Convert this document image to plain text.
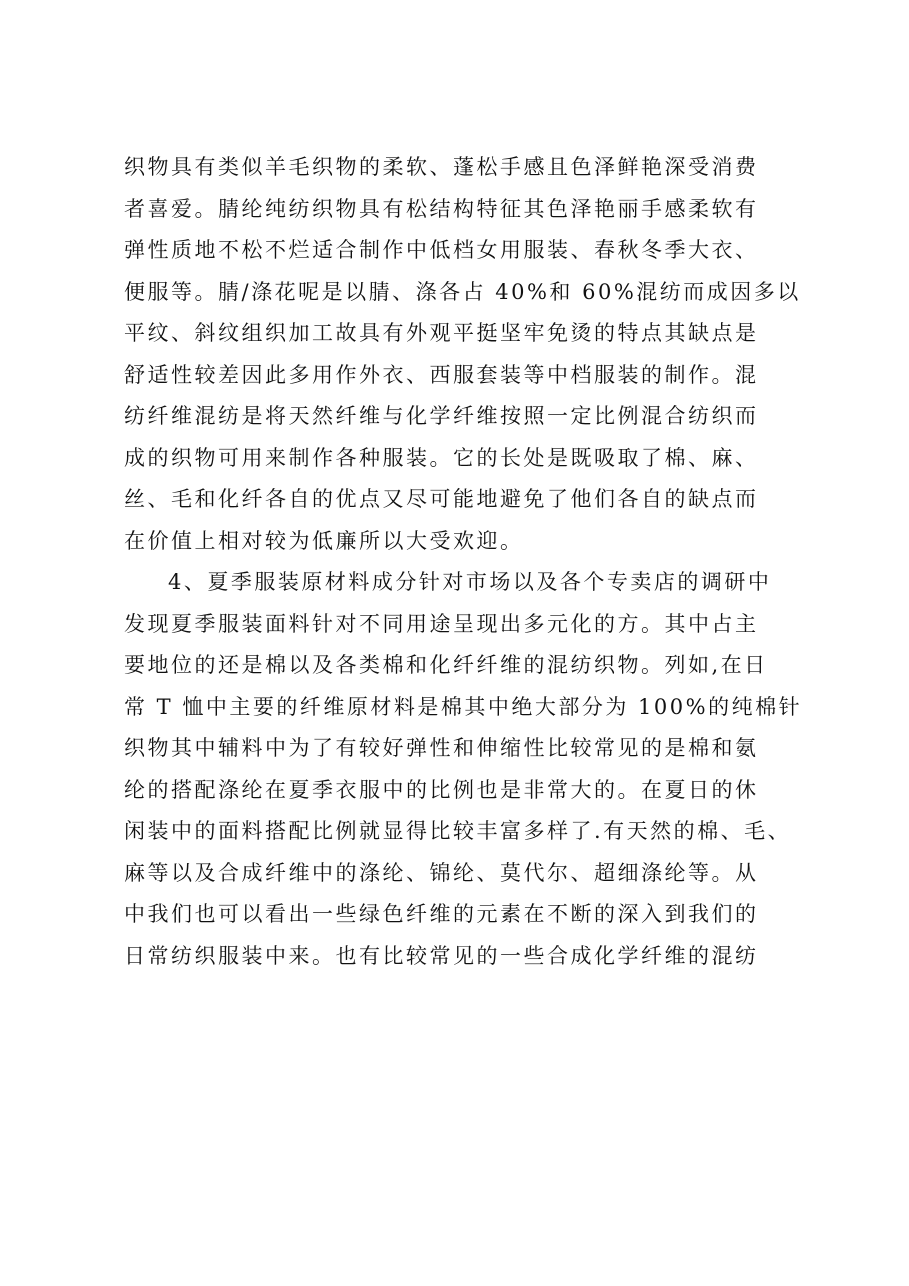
织物具有类似羊毛织物的柔软、蓬松手感且色泽鲜艳深受消费
者喜爱。腈纶纯纺织物具有松结构特征其色泽艳丽手感柔软有
弹性质地不松不烂适合制作中低档女用服装、春秋冬季大衣、
便服等。腈/涤花呢是以腈、涤各占 40%和 60%混纺而成因多以
平纹、斜纹组织加工故具有外观平挺坚牢免烫的特点其缺点是
舒适性较差因此多用作外衣、西服套装等中档服装的制作。混
纺纤维混纺是将天然纤维与化学纤维按照一定比例混合纺织而
成的织物可用来制作各种服装。它的长处是既吸取了棉、麻、
丝、毛和化纤各自的优点又尽可能地避免了他们各自的缺点而
在价值上相对较为低廉所以大受欢迎。
4、夏季服装原材料成分针对市场以及各个专卖店的调研中
发现夏季服装面料针对不同用途呈现出多元化的方。其中占主
要地位的还是棉以及各类棉和化纤纤维的混纺织物。列如,在日
常 T 恤中主要的纤维原材料是棉其中绝大部分为 100%的纯棉针
织物其中辅料中为了有较好弹性和伸缩性比较常见的是棉和氨
纶的搭配涤纶在夏季衣服中的比例也是非常大的。在夏日的休
闲装中的面料搭配比例就显得比较丰富多样了.有天然的棉、毛、
麻等以及合成纤维中的涤纶、锦纶、莫代尔、超细涤纶等。从
中我们也可以看出一些绿色纤维的元素在不断的深入到我们的
日常纺织服装中来。也有比较常见的一些合成化学纤维的混纺
